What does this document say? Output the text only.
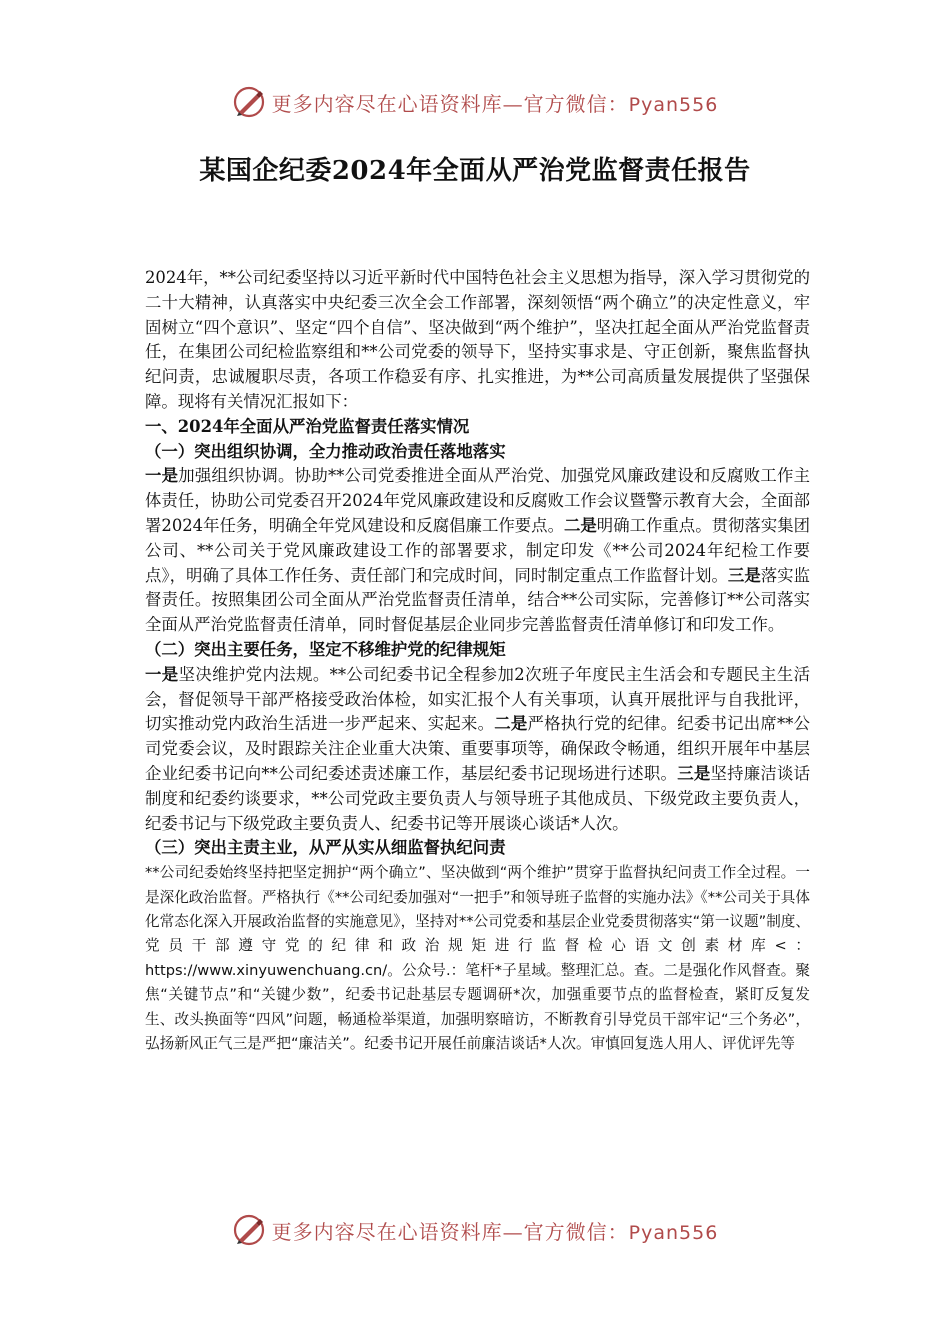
更多内容尽在心语资料库—官方微信：Pyan556
某国企纪委2024年全面从严治党监督责任报告

2024年，**公司纪委坚持以习近平新时代中国特色社会主义思想为指导，深入学习贯彻党的二十大精神，认真落实中央纪委三次全会工作部署，深刻领悟“两个确立”的决定性意义，牢固树立“四个意识”、坚定“四个自信”、坚决做到“两个维护”，坚决扛起全面从严治党监督责任，在集团公司纪检监察组和**公司党委的领导下，坚持实事求是、守正创新，聚焦监督执纪问责，忠诚履职尽责，各项工作稳妥有序、扎实推进，为**公司高质量发展提供了坚强保障。现将有关情况汇报如下：

一、2024年全面从严治党监督责任落实情况

（一）突出组织协调，全力推动政治责任落地落实

一是加强组织协调。协助**公司党委推进全面从严治党、加强党风廉政建设和反腐败工作主体责任，协助公司党委召开2024年党风廉政建设和反腐败工作会议暨警示教育大会，全面部署2024年任务，明确全年党风建设和反腐倡廉工作要点。二是明确工作重点。贯彻落实集团公司、**公司关于党风廉政建设工作的部署要求，制定印发《**公司2024年纪检工作要点》，明确了具体工作任务、责任部门和完成时间，同时制定重点工作监督计划。三是落实监督责任。按照集团公司全面从严治党监督责任清单，结合**公司实际，完善修订**公司落实全面从严治党监督责任清单，同时督促基层企业同步完善监督责任清单修订和印发工作。

（二）突出主要任务，坚定不移维护党的纪律规矩

一是坚决维护党内法规。**公司纪委书记全程参加2次班子年度民主生活会和专题民主生活会，督促领导干部严格接受政治体检，如实汇报个人有关事项，认真开展批评与自我批评，切实推动党内政治生活进一步严起来、实起来。二是严格执行党的纪律。纪委书记出席**公司党委会议，及时跟踪关注企业重大决策、重要事项等，确保政令畅通，组织开展年中基层企业纪委书记向**公司纪委述责述廉工作，基层纪委书记现场进行述职。三是坚持廉洁谈话制度和纪委约谈要求，**公司党政主要负责人与领导班子其他成员、下级党政主要负责人，纪委书记与下级党政主要负责人、纪委书记等开展谈心谈话*人次。

（三）突出主责主业，从严从实从细监督执纪问责

**公司纪委始终坚持把坚定拥护“两个确立”、坚决做到“两个维护”贯穿于监督执纪问责工作全过程。一是深化政治监督。严格执行《**公司纪委加强对“一把手”和领导班子监督的实施办法》《**公司关于具体化常态化深入开展政治监督的实施意见》，坚持对**公司党委和基层企业党委贯彻落实“第一议题”制度、党员干部遵守党的纪律和政治规矩进行监督检心语文创素材库<：https://www.xinyuwenchuang.cn/。公众号.：笔杆*子星域。整理汇总。查。二是强化作风督查。聚焦“关键节点”和“关键少数”，纪委书记赴基层专题调研*次，加强重要节点的监督检查，紧盯反复发生、改头换面等“四风”问题，畅通检举渠道，加强明察暗访，不断教育引导党员干部牢记“三个务必”，弘扬新风正气三是严把“廉洁关”。纪委书记开展任前廉洁谈话*人次。审慎回复选人用人、评优评先等

更多内容尽在心语资料库—官方微信：Pyan556
